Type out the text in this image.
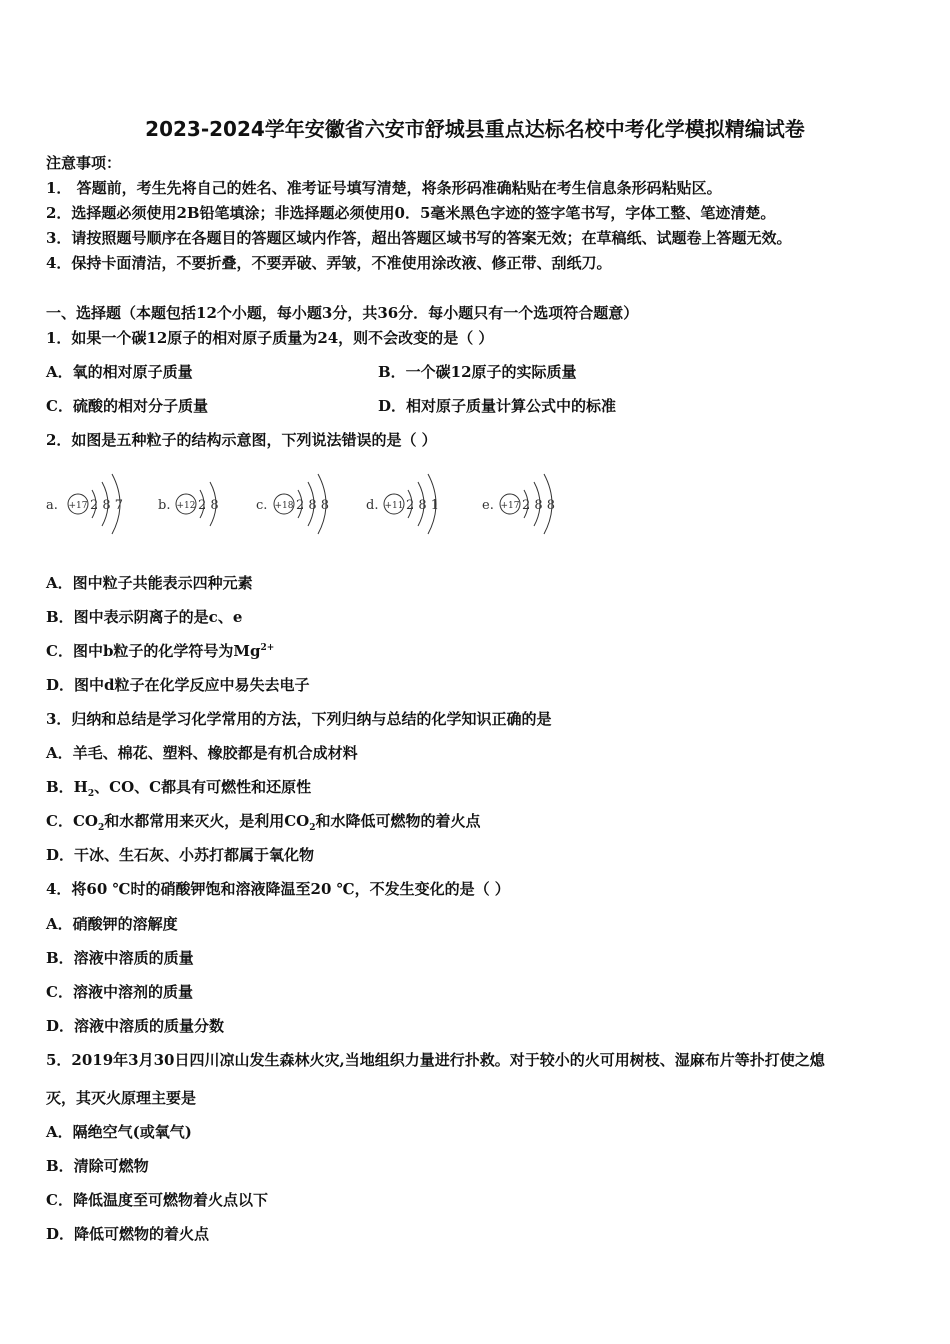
2023-2024学年安徽省六安市舒城县重点达标名校中考化学模拟精编试卷
注意事项：
1． 答题前，考生先将自己的姓名、准考证号填写清楚，将条形码准确粘贴在考生信息条形码粘贴区。
2．选择题必须使用2B铅笔填涂；非选择题必须使用0．5毫米黑色字迹的签字笔书写，字体工整、笔迹清楚。
3．请按照题号顺序在各题目的答题区域内作答，超出答题区域书写的答案无效；在草稿纸、试题卷上答题无效。
4．保持卡面清洁，不要折叠，不要弄破、弄皱，不准使用涂改液、修正带、刮纸刀。
一、选择题（本题包括12个小题，每小题3分，共36分．每小题只有一个选项符合题意）
1．如果一个碳12原子的相对原子质量为24，则不会改变的是（ ）
A．氧的相对原子质量	B．一个碳12原子的实际质量
C．硫酸的相对分子质量	D．相对原子质量计算公式中的标准
2．如图是五种粒子的结构示意图，下列说法错误的是（ ）
a. +17 2 8 7	b. +12 2 8	c. +18 2 8 8	d. +11 2 8 1	e. +17 2 8 8
A．图中粒子共能表示四种元素
B．图中表示阴离子的是c、e
C．图中b粒子的化学符号为$Mg^{2+}$
D．图中d粒子在化学反应中易失去电子
3．归纳和总结是学习化学常用的方法，下列归纳与总结的化学知识正确的是
A．羊毛、棉花、塑料、橡胶都是有机合成材料
B．$H_2$、CO、C都具有可燃性和还原性
C．$CO_2$和水都常用来灭火，是利用$CO_2$和水降低可燃物的着火点
D．干冰、生石灰、小苏打都属于氧化物
4．将60 ℃时的硝酸钾饱和溶液降温至20 ℃，不发生变化的是（ ）
A．硝酸钾的溶解度
B．溶液中溶质的质量
C．溶液中溶剂的质量
D．溶液中溶质的质量分数
5．2019年3月30日四川凉山发生森林火灾,当地组织力量进行扑救。对于较小的火可用树枝、湿麻布片等扑打使之熄
灭，其灭火原理主要是
A．隔绝空气(或氧气)
B．清除可燃物
C．降低温度至可燃物着火点以下
D．降低可燃物的着火点
